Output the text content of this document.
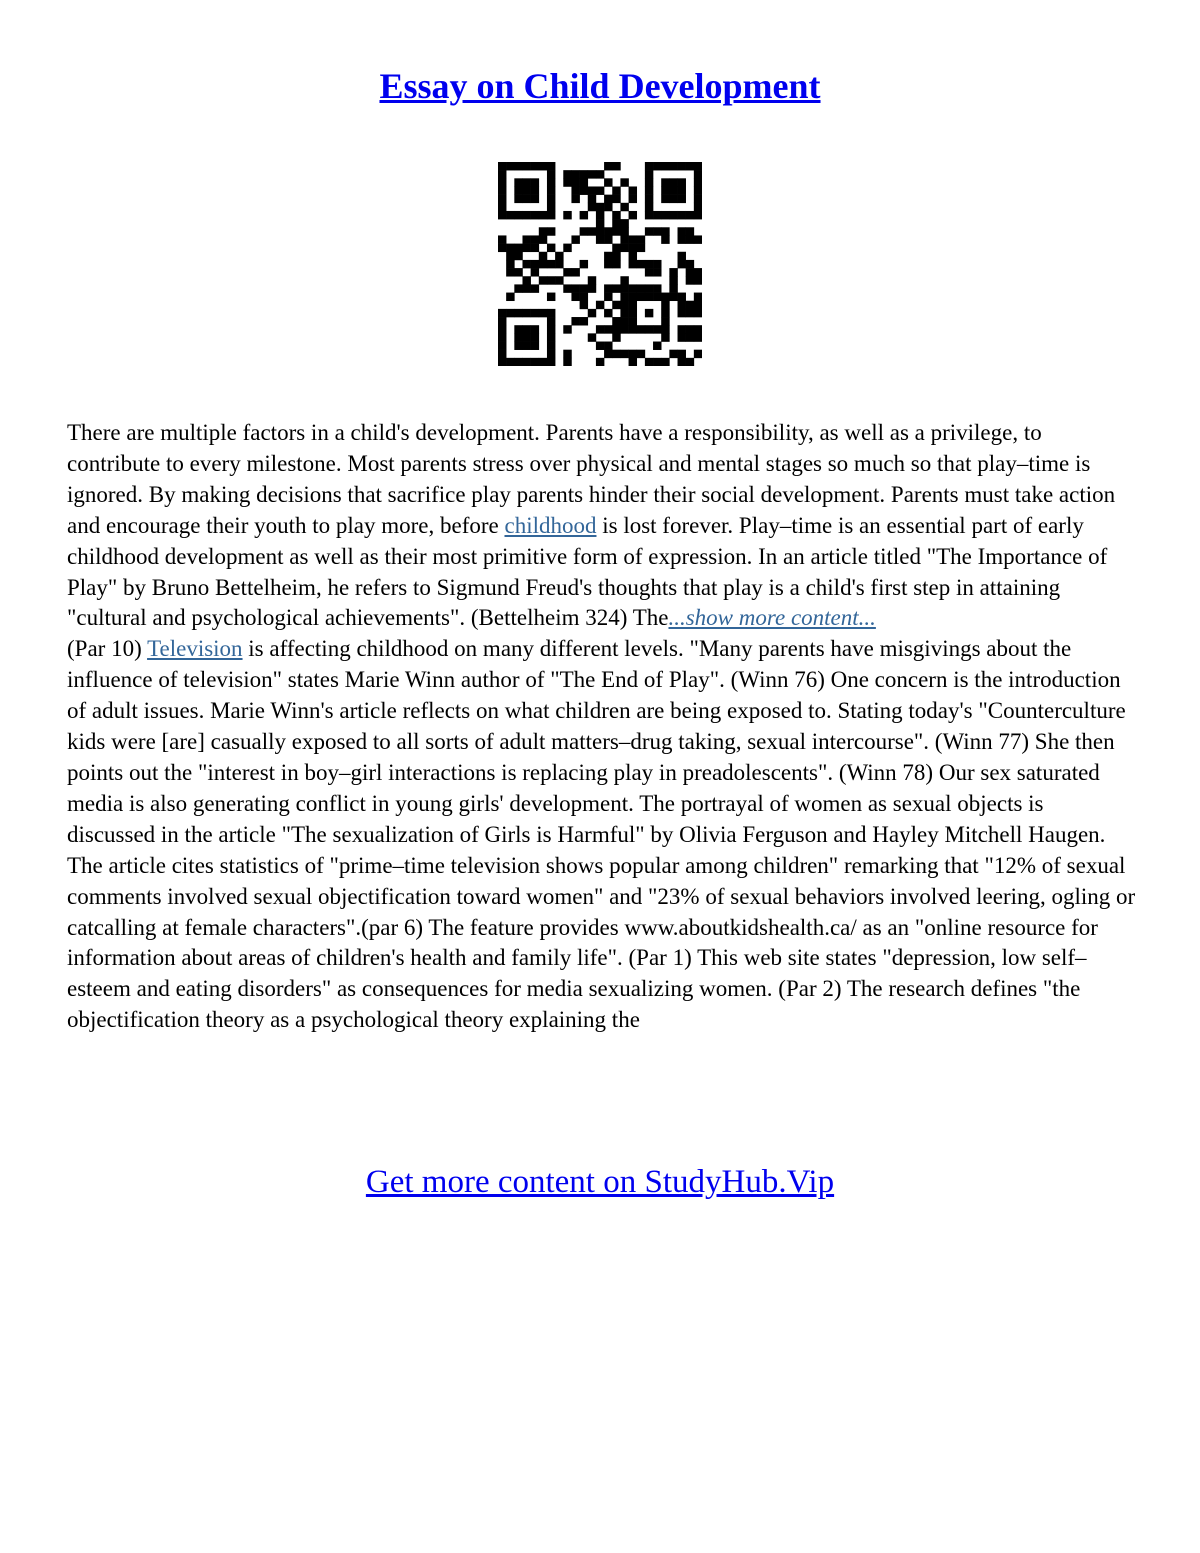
Essay on Child Development

There are multiple factors in a child's development. Parents have a responsibility, as well as a privilege, to contribute to every milestone. Most parents stress over physical and mental stages so much so that play–time is ignored. By making decisions that sacrifice play parents hinder their social development. Parents must take action and encourage their youth to play more, before childhood is lost forever. Play–time is an essential part of early childhood development as well as their most primitive form of expression. In an article titled "The Importance of Play" by Bruno Bettelheim, he refers to Sigmund Freud's thoughts that play is a child's first step in attaining "cultural and psychological achievements". (Bettelheim 324) The...show more content...

(Par 10) Television is affecting childhood on many different levels. "Many parents have misgivings about the influence of television" states Marie Winn author of "The End of Play". (Winn 76) One concern is the introduction of adult issues. Marie Winn's article reflects on what children are being exposed to. Stating today's "Counterculture kids were [are] casually exposed to all sorts of adult matters–drug taking, sexual intercourse". (Winn 77) She then points out the "interest in boy–girl interactions is replacing play in preadolescents". (Winn 78) Our sex saturated media is also generating conflict in young girls' development. The portrayal of women as sexual objects is discussed in the article "The sexualization of Girls is Harmful" by Olivia Ferguson and Hayley Mitchell Haugen. The article cites statistics of "prime–time television shows popular among children" remarking that "12% of sexual comments involved sexual objectification toward women" and "23% of sexual behaviors involved leering, ogling or catcalling at female characters".(par 6) The feature provides www.aboutkidshealth.ca/ as an "online resource for information about areas of children's health and family life". (Par 1) This web site states "depression, low self–esteem and eating disorders" as consequences for media sexualizing women. (Par 2) The research defines "the objectification theory as a psychological theory explaining the

Get more content on StudyHub.Vip
